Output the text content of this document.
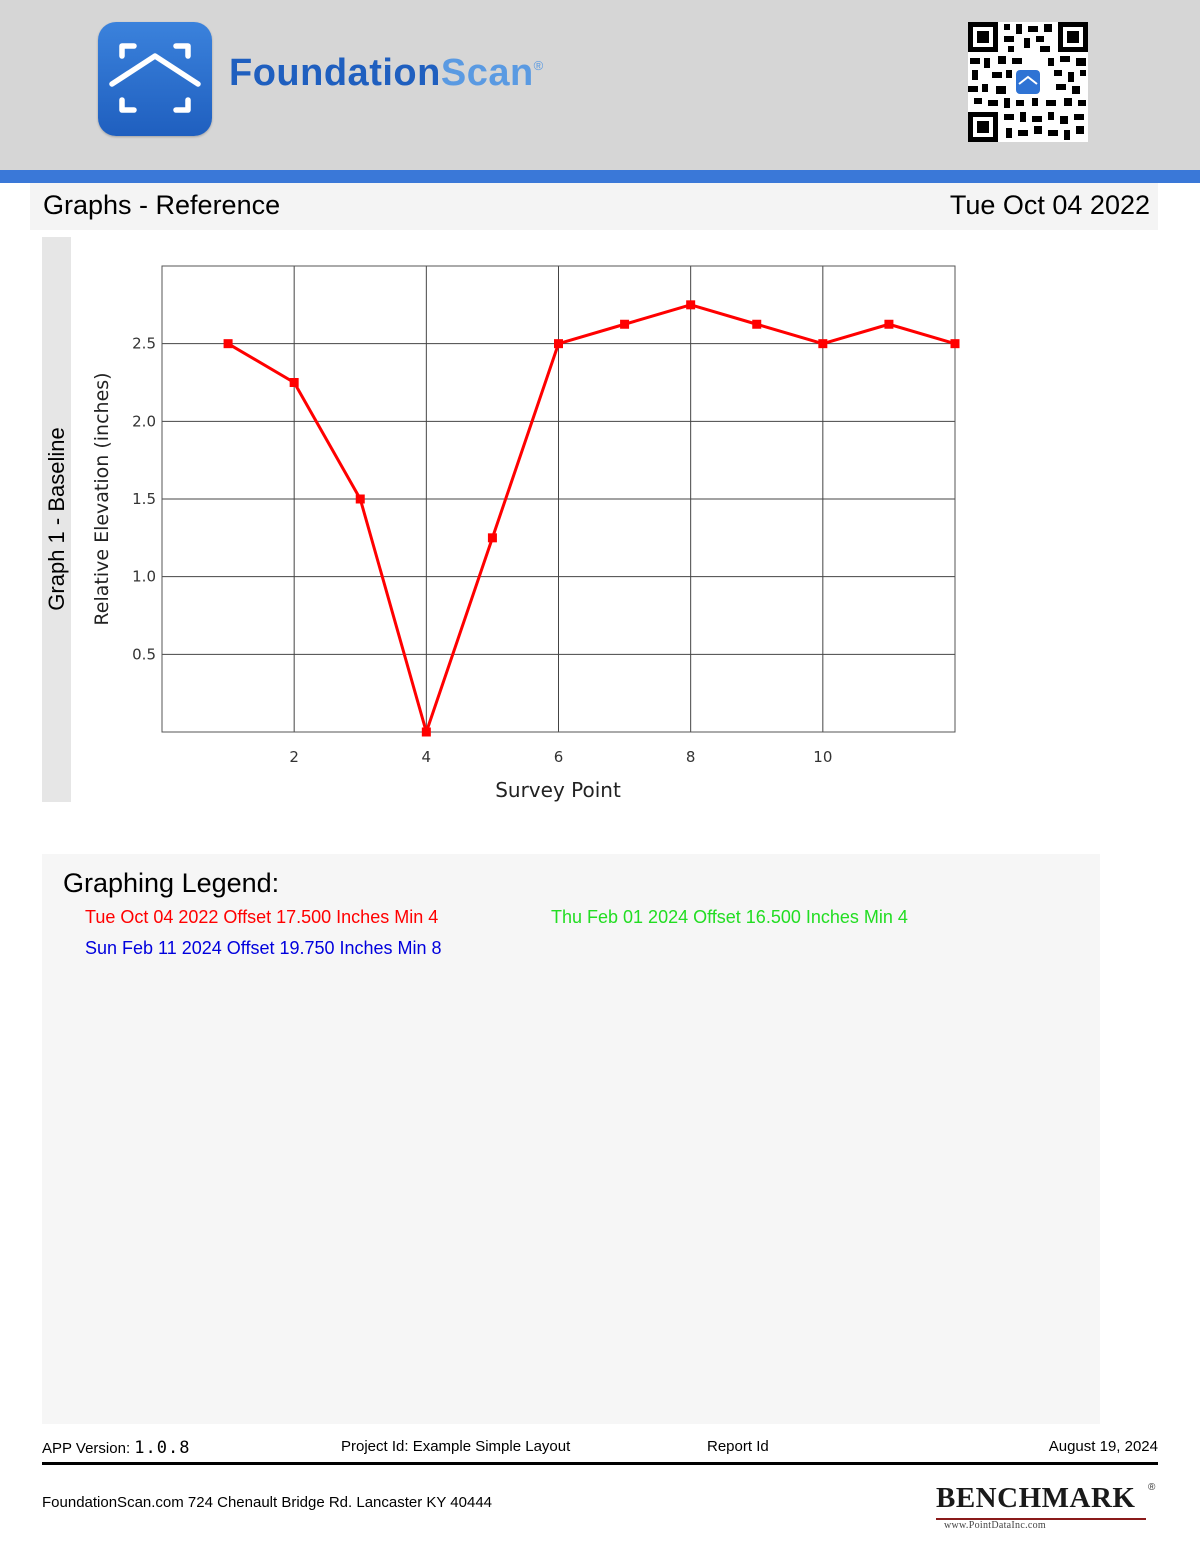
FoundationScan®
Graphs - Reference	Tue Oct 04 2022
Graph 1 - Baseline
2	4	6	8	10
0.5
1.0
1.5
2.0
2.5
Survey Point
Relative Elevation (inches)
Graphing Legend:
Tue Oct 04 2022 Offset 17.500 Inches Min 4	Thu Feb 01 2024 Offset 16.500 Inches Min 4
Sun Feb 11 2024 Offset 19.750 Inches Min 8
APP Version: 1.0.8	Project Id: Example Simple Layout	Report Id	August 19, 2024
FoundationScan.com 724 Chenault Bridge Rd. Lancaster KY 40444	BENCHMARK ®
www.PointDataInc.com
